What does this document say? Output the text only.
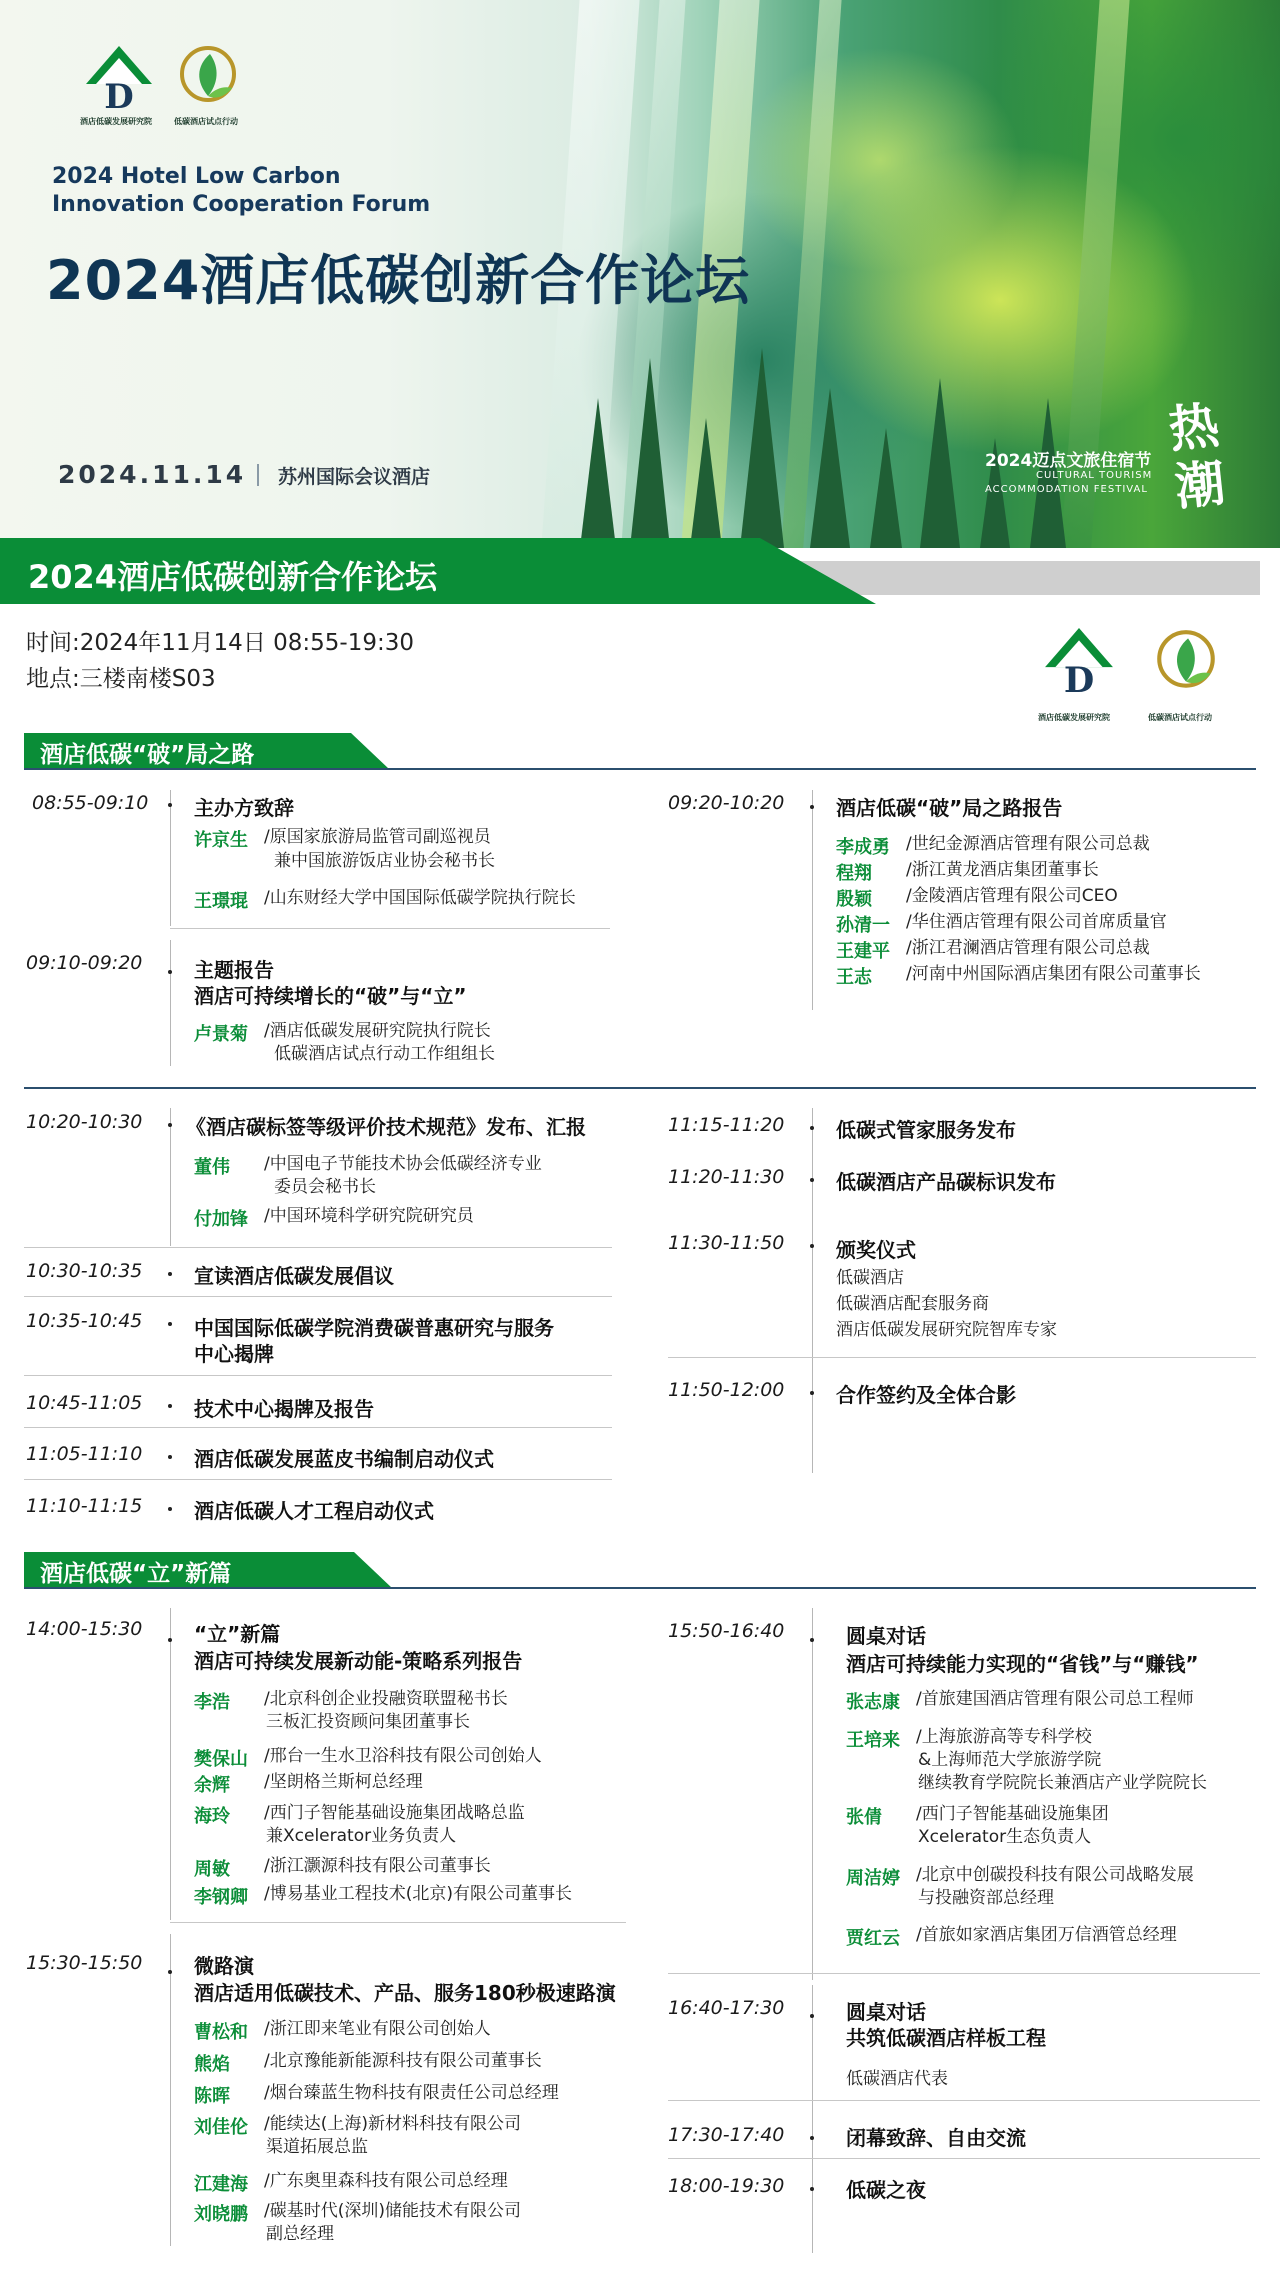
D
酒店低碳发展研究院	低碳酒店试点行动
2024 Hotel Low Carbon
Innovation Cooperation Forum
2024酒店低碳创新合作论坛
2024.11.14 苏州国际会议酒店
2024迈点文旅住宿节
CULTURAL TOURISM
ACCOMMODATION FESTIVAL
热潮
2024酒店低碳创新合作论坛
时间:2024年11月14日 08:55-19:30
地点:三楼南楼S03	D
酒店低碳发展研究院	低碳酒店试点行动
酒店低碳“破”局之路
08:55-09:10 主办方致辞
许京生 /原国家旅游局监管司副巡视员
兼中国旅游饭店业协会秘书长
王璟琨 /山东财经大学中国国际低碳学院执行院长
09:10-09:20	主题报告
酒店可持续增长的“破”与“立”
卢景菊 /酒店低碳发展研究院执行院长
低碳酒店试点行动工作组组长
09:20-10:20	酒店低碳“破”局之路报告
李成勇 /世纪金源酒店管理有限公司总裁
程翔 /浙江黄龙酒店集团董事长
殷颖 /金陵酒店管理有限公司CEO
孙清一 /华住酒店管理有限公司首席质量官
王建平 /浙江君澜酒店管理有限公司总裁
王志 /河南中州国际酒店集团有限公司董事长
10:20-10:30 《酒店碳标签等级评价技术规范》发布、汇报
董伟 /中国电子节能技术协会低碳经济专业
委员会秘书长
付加锋 /中国环境科学研究院研究员
10:30-10:35	宣读酒店低碳发展倡议
10:35-10:45	中国国际低碳学院消费碳普惠研究与服务
中心揭牌
10:45-11:05	技术中心揭牌及报告
11:05-11:10	酒店低碳发展蓝皮书编制启动仪式
11:10-11:15	酒店低碳人才工程启动仪式
11:15-11:20	低碳式管家服务发布
11:20-11:30	低碳酒店产品碳标识发布
11:30-11:50	颁奖仪式
低碳酒店
低碳酒店配套服务商
酒店低碳发展研究院智库专家
11:50-12:00	合作签约及全体合影
酒店低碳“立”新篇
14:00-15:30	“立”新篇
酒店可持续发展新动能-策略系列报告
李浩 /北京科创企业投融资联盟秘书长
三板汇投资顾问集团董事长
樊保山 /邢台一生水卫浴科技有限公司创始人
余辉 /坚朗格兰斯柯总经理
海玲 /西门子智能基础设施集团战略总监
兼Xcelerator业务负责人
周敏 /浙江灏源科技有限公司董事长
李钢卿 /博易基业工程技术(北京)有限公司董事长
15:30-15:50	微路演
酒店适用低碳技术、产品、服务180秒极速路演
曹松和 /浙江即来笔业有限公司创始人
熊焰 /北京豫能新能源科技有限公司董事长
陈晖 /烟台臻蓝生物科技有限责任公司总经理
刘佳伦 /能续达(上海)新材料科技有限公司
渠道拓展总监
江建海 /广东奥里森科技有限公司总经理
刘晓鹏 /碳基时代(深圳)储能技术有限公司
副总经理
15:50-16:40	圆桌对话
酒店可持续能力实现的“省钱”与“赚钱”
张志康 /首旅建国酒店管理有限公司总工程师
王培来 /上海旅游高等专科学校
&上海师范大学旅游学院
继续教育学院院长兼酒店产业学院院长
张倩 /西门子智能基础设施集团
Xcelerator生态负责人
周洁婷 /北京中创碳投科技有限公司战略发展
与投融资部总经理
贾红云 /首旅如家酒店集团万信酒管总经理
16:40-17:30	圆桌对话
共筑低碳酒店样板工程
低碳酒店代表
17:30-17:40	闭幕致辞、自由交流
18:00-19:30	低碳之夜
